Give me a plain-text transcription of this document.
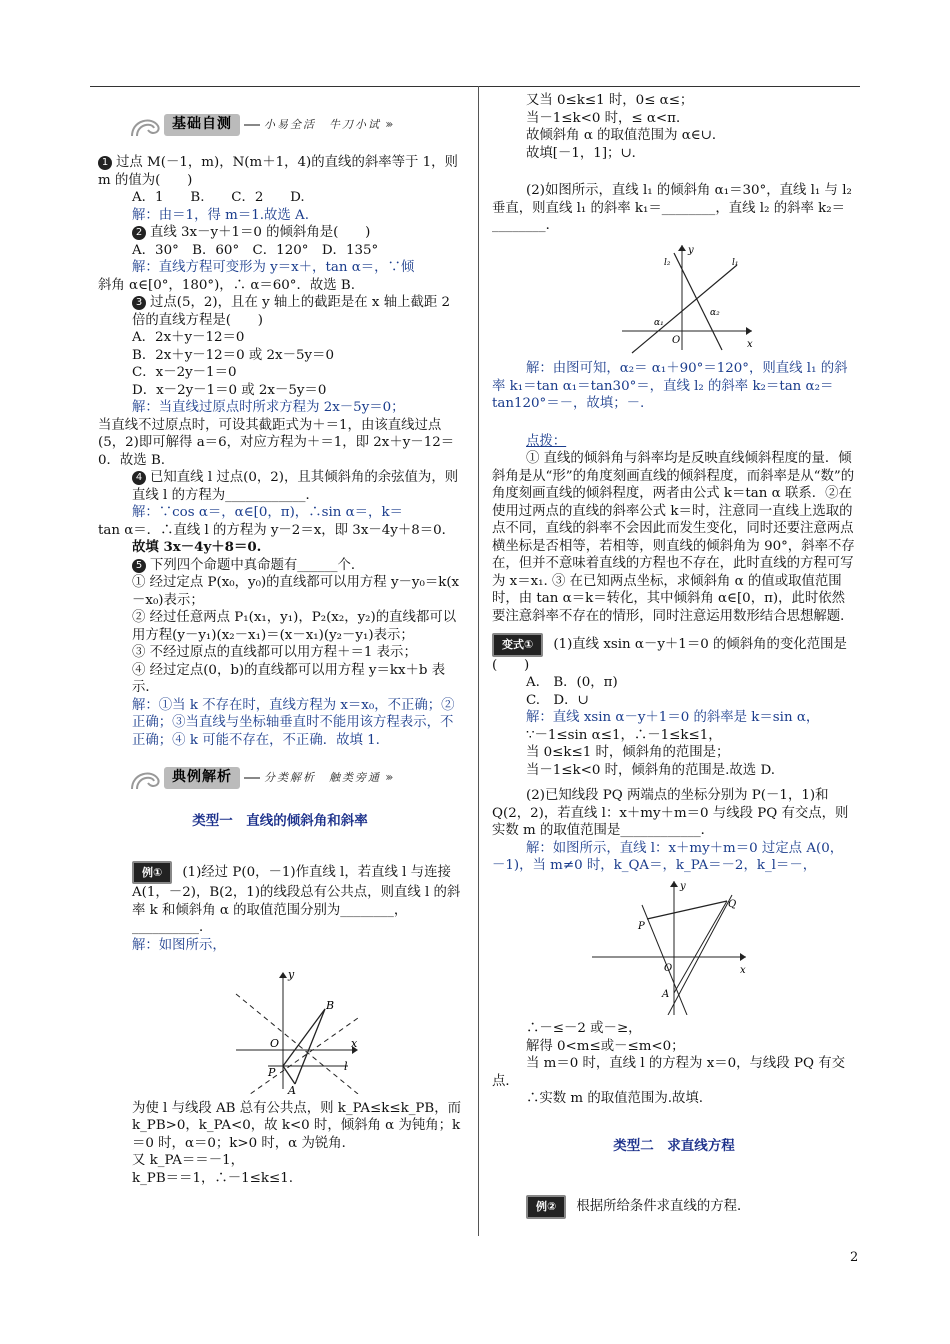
基础自测	小易全活　牛刀小试 ›››

1 过点 M(－1，m)，N(m＋1，4)的直线的斜率等于 1，则 m 的值为(　　)

A．1　　B.　　C．2　　D.

解：由＝1，得 m＝1.故选 A.

2 直线 3x－y＋1＝0 的倾斜角是(　　)

A．30°　B．60°　C．120°　D．135°

解：直线方程可变形为 y＝x＋，tan α＝，∵倾

斜角 α∈[0°，180°)，∴ α＝60°．故选 B.

3 过点(5，2)，且在 y 轴上的截距是在 x 轴上截距 2 倍的直线方程是(　　)

A．2x＋y－12＝0

B．2x＋y－12＝0 或 2x－5y＝0

C．x－2y－1＝0

D．x－2y－1＝0 或 2x－5y＝0

解：当直线过原点时所求方程为 2x－5y＝0；

当直线不过原点时，可设其截距式为＋＝1，由该直线过点(5，2)即可解得 a＝6，对应方程为＋＝1，即 2x＋y－12＝0．故选 B.

4 已知直线 l 过点(0，2)，且其倾斜角的余弦值为，则直线 l 的方程为____________．

解：∵cos α＝，α∈[0，π)，∴sin α＝，k＝

tan α＝．∴直线 l 的方程为 y－2＝x，即 3x－4y＋8＝0．

故填 3x－4y＋8＝0.

5 下列四个命题中真命题有______个．

① 经过定点 P(x₀，y₀)的直线都可以用方程 y－y₀＝k(x－x₀)表示；

② 经过任意两点 P₁(x₁，y₁)，P₂(x₂，y₂)的直线都可以用方程(y－y₁)(x₂－x₁)＝(x－x₁)(y₂－y₁)表示；

③ 不经过原点的直线都可以用方程＋＝1 表示；

④ 经过定点(0，b)的直线都可以用方程 y＝kx＋b 表示．

解：①当 k 不存在时，直线方程为 x＝x₀，不正确；②正确；③当直线与坐标轴垂直时不能用该方程表示，不正确；④ k 可能不存在，不正确．故填 1.

典例解析	分类解析　触类旁通 ›››
类型一　直线的倾斜角和斜率

例① (1)经过 P(0，－1)作直线 l，若直线 l 与连接 A(1，－2)，B(2，1)的线段总有公共点，则直线 l 的斜率 k 和倾斜角 α 的取值范围分别为________，__________．

解：如图所示，

y
x
O
B
P
A
l

为使 l 与线段 AB 总有公共点，则 k_PA≤k≤k_PB，而 k_PB>0，k_PA<0，故 k<0 时，倾斜角 α 为钝角；k＝0 时，α＝0；k>0 时，α 为锐角．

又 k_PA＝＝－1，

k_PB＝＝1，∴－1≤k≤1.

又当 0≤k≤1 时，0≤ α≤；

当－1≤k<0 时，≤ α<π．

故倾斜角 α 的取值范围为 α∈∪．

故填[－1，1]；∪．

(2)如图所示，直线 l₁ 的倾斜角 α₁＝30°，直线 l₁ 与 l₂ 垂直，则直线 l₁ 的斜率 k₁＝________，直线 l₂ 的斜率 k₂＝________．

y
x
O
l₂	l₁
α₁
α₂

解：由图可知，α₂＝ α₁＋90°＝120°，则直线 l₁ 的斜率 k₁＝tan α₁＝tan30°＝，直线 l₂ 的斜率 k₂＝tan α₂＝tan120°＝－，故填；－.

点拨：

① 直线的倾斜角与斜率均是反映直线倾斜程度的量．倾斜角是从“形”的角度刻画直线的倾斜程度，而斜率是从“数”的角度刻画直线的倾斜程度，两者由公式 k＝tan α 联系．②在使用过两点的直线的斜率公式 k＝时，注意同一直线上选取的点不同，直线的斜率不会因此而发生变化，同时还要注意两点横坐标是否相等，若相等，则直线的倾斜角为 90°，斜率不存在，但并不意味着直线的方程也不存在，此时直线的方程可写为 x＝x₁. ③ 在已知两点坐标，求倾斜角 α 的值或取值范围时，由 tan α＝k＝转化，其中倾斜角 α∈[0，π)，此时依然要注意斜率不存在的情形，同时注意运用数形结合思想解题．

变式① (1)直线 xsin α－y＋1＝0 的倾斜角的变化范围是(　　)

A.　B．(0，π)

C.　D．∪

解：直线 xsin α－y＋1＝0 的斜率是 k＝sin α，

∵－1≤sin α≤1，∴－1≤k≤1，

当 0≤k≤1 时，倾斜角的范围是；

当－1≤k<0 时，倾斜角的范围是.故选 D.

(2)已知线段 PQ 两端点的坐标分别为 P(－1，1)和 Q(2，2)，若直线 l：x＋my＋m＝0 与线段 PQ 有交点，则实数 m 的取值范围是____________．

解：如图所示，直线 l：x＋my＋m＝0 过定点 A(0，－1)，当 m≠0 时，k_QA＝，k_PA＝－2，k_l＝－，

y
x
O
P
Q
A

∴－≤－2 或－≥，

解得 0<m≤或－≤m<0；

当 m＝0 时，直线 l 的方程为 x＝0，与线段 PQ 有交点．

∴实数 m 的取值范围为.故填.

类型二　求直线方程

例② 根据所给条件求直线的方程．

2
